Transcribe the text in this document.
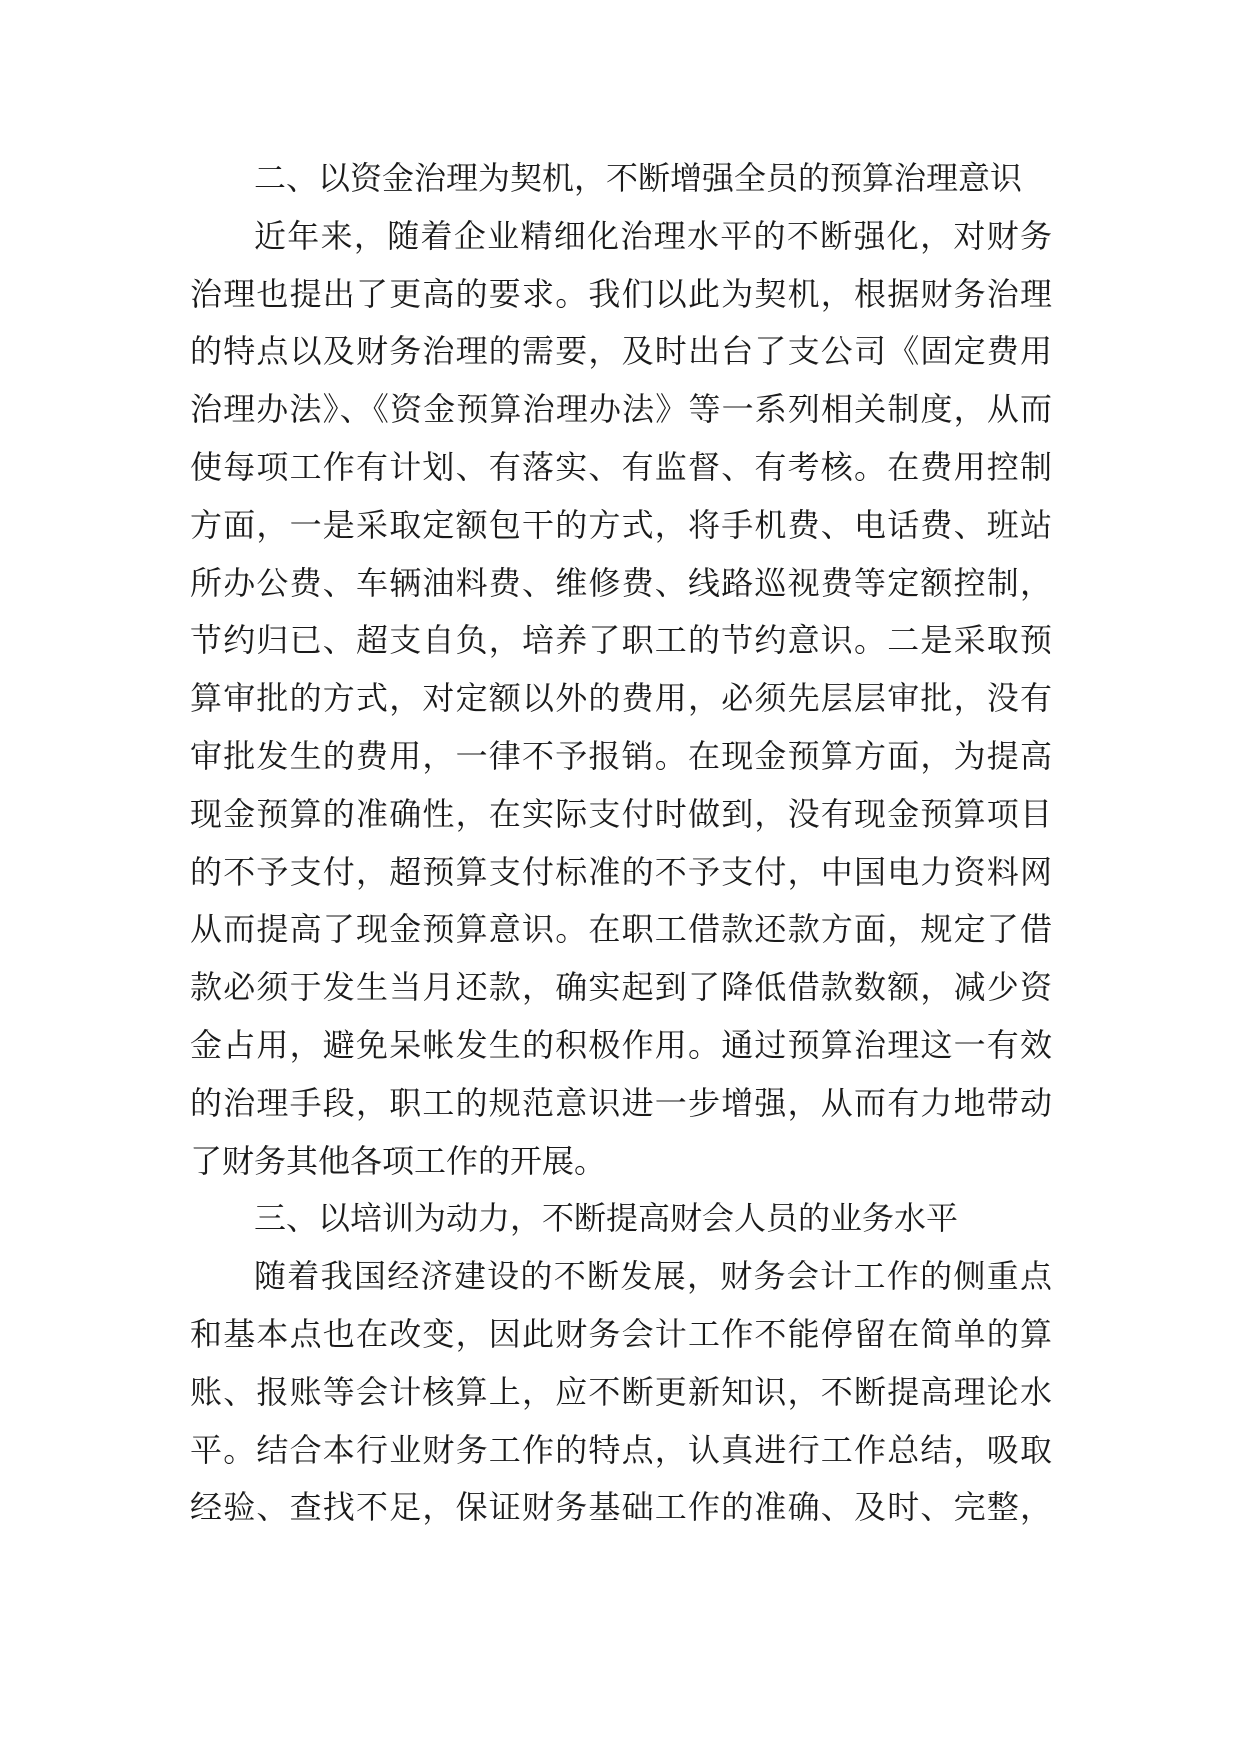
二、以资金治理为契机，不断增强全员的预算治理意识
近年来，随着企业精细化治理水平的不断强化，对财务
治理也提出了更高的要求。我们以此为契机，根据财务治理
的特点以及财务治理的需要，及时出台了支公司《固定费用
治理办法》、《资金预算治理办法》等一系列相关制度，从而
使每项工作有计划、有落实、有监督、有考核。在费用控制
方面，一是采取定额包干的方式，将手机费、电话费、班站
所办公费、车辆油料费、维修费、线路巡视费等定额控制，
节约归已、超支自负，培养了职工的节约意识。二是采取预
算审批的方式，对定额以外的费用，必须先层层审批，没有
审批发生的费用，一律不予报销。在现金预算方面，为提高
现金预算的准确性，在实际支付时做到，没有现金预算项目
的不予支付，超预算支付标准的不予支付，中国电力资料网
从而提高了现金预算意识。在职工借款还款方面，规定了借
款必须于发生当月还款，确实起到了降低借款数额，减少资
金占用，避免呆帐发生的积极作用。通过预算治理这一有效
的治理手段，职工的规范意识进一步增强，从而有力地带动
了财务其他各项工作的开展。
三、以培训为动力，不断提高财会人员的业务水平
随着我国经济建设的不断发展，财务会计工作的侧重点
和基本点也在改变，因此财务会计工作不能停留在简单的算
账、报账等会计核算上，应不断更新知识，不断提高理论水
平。结合本行业财务工作的特点，认真进行工作总结，吸取
经验、查找不足，保证财务基础工作的准确、及时、完整，
